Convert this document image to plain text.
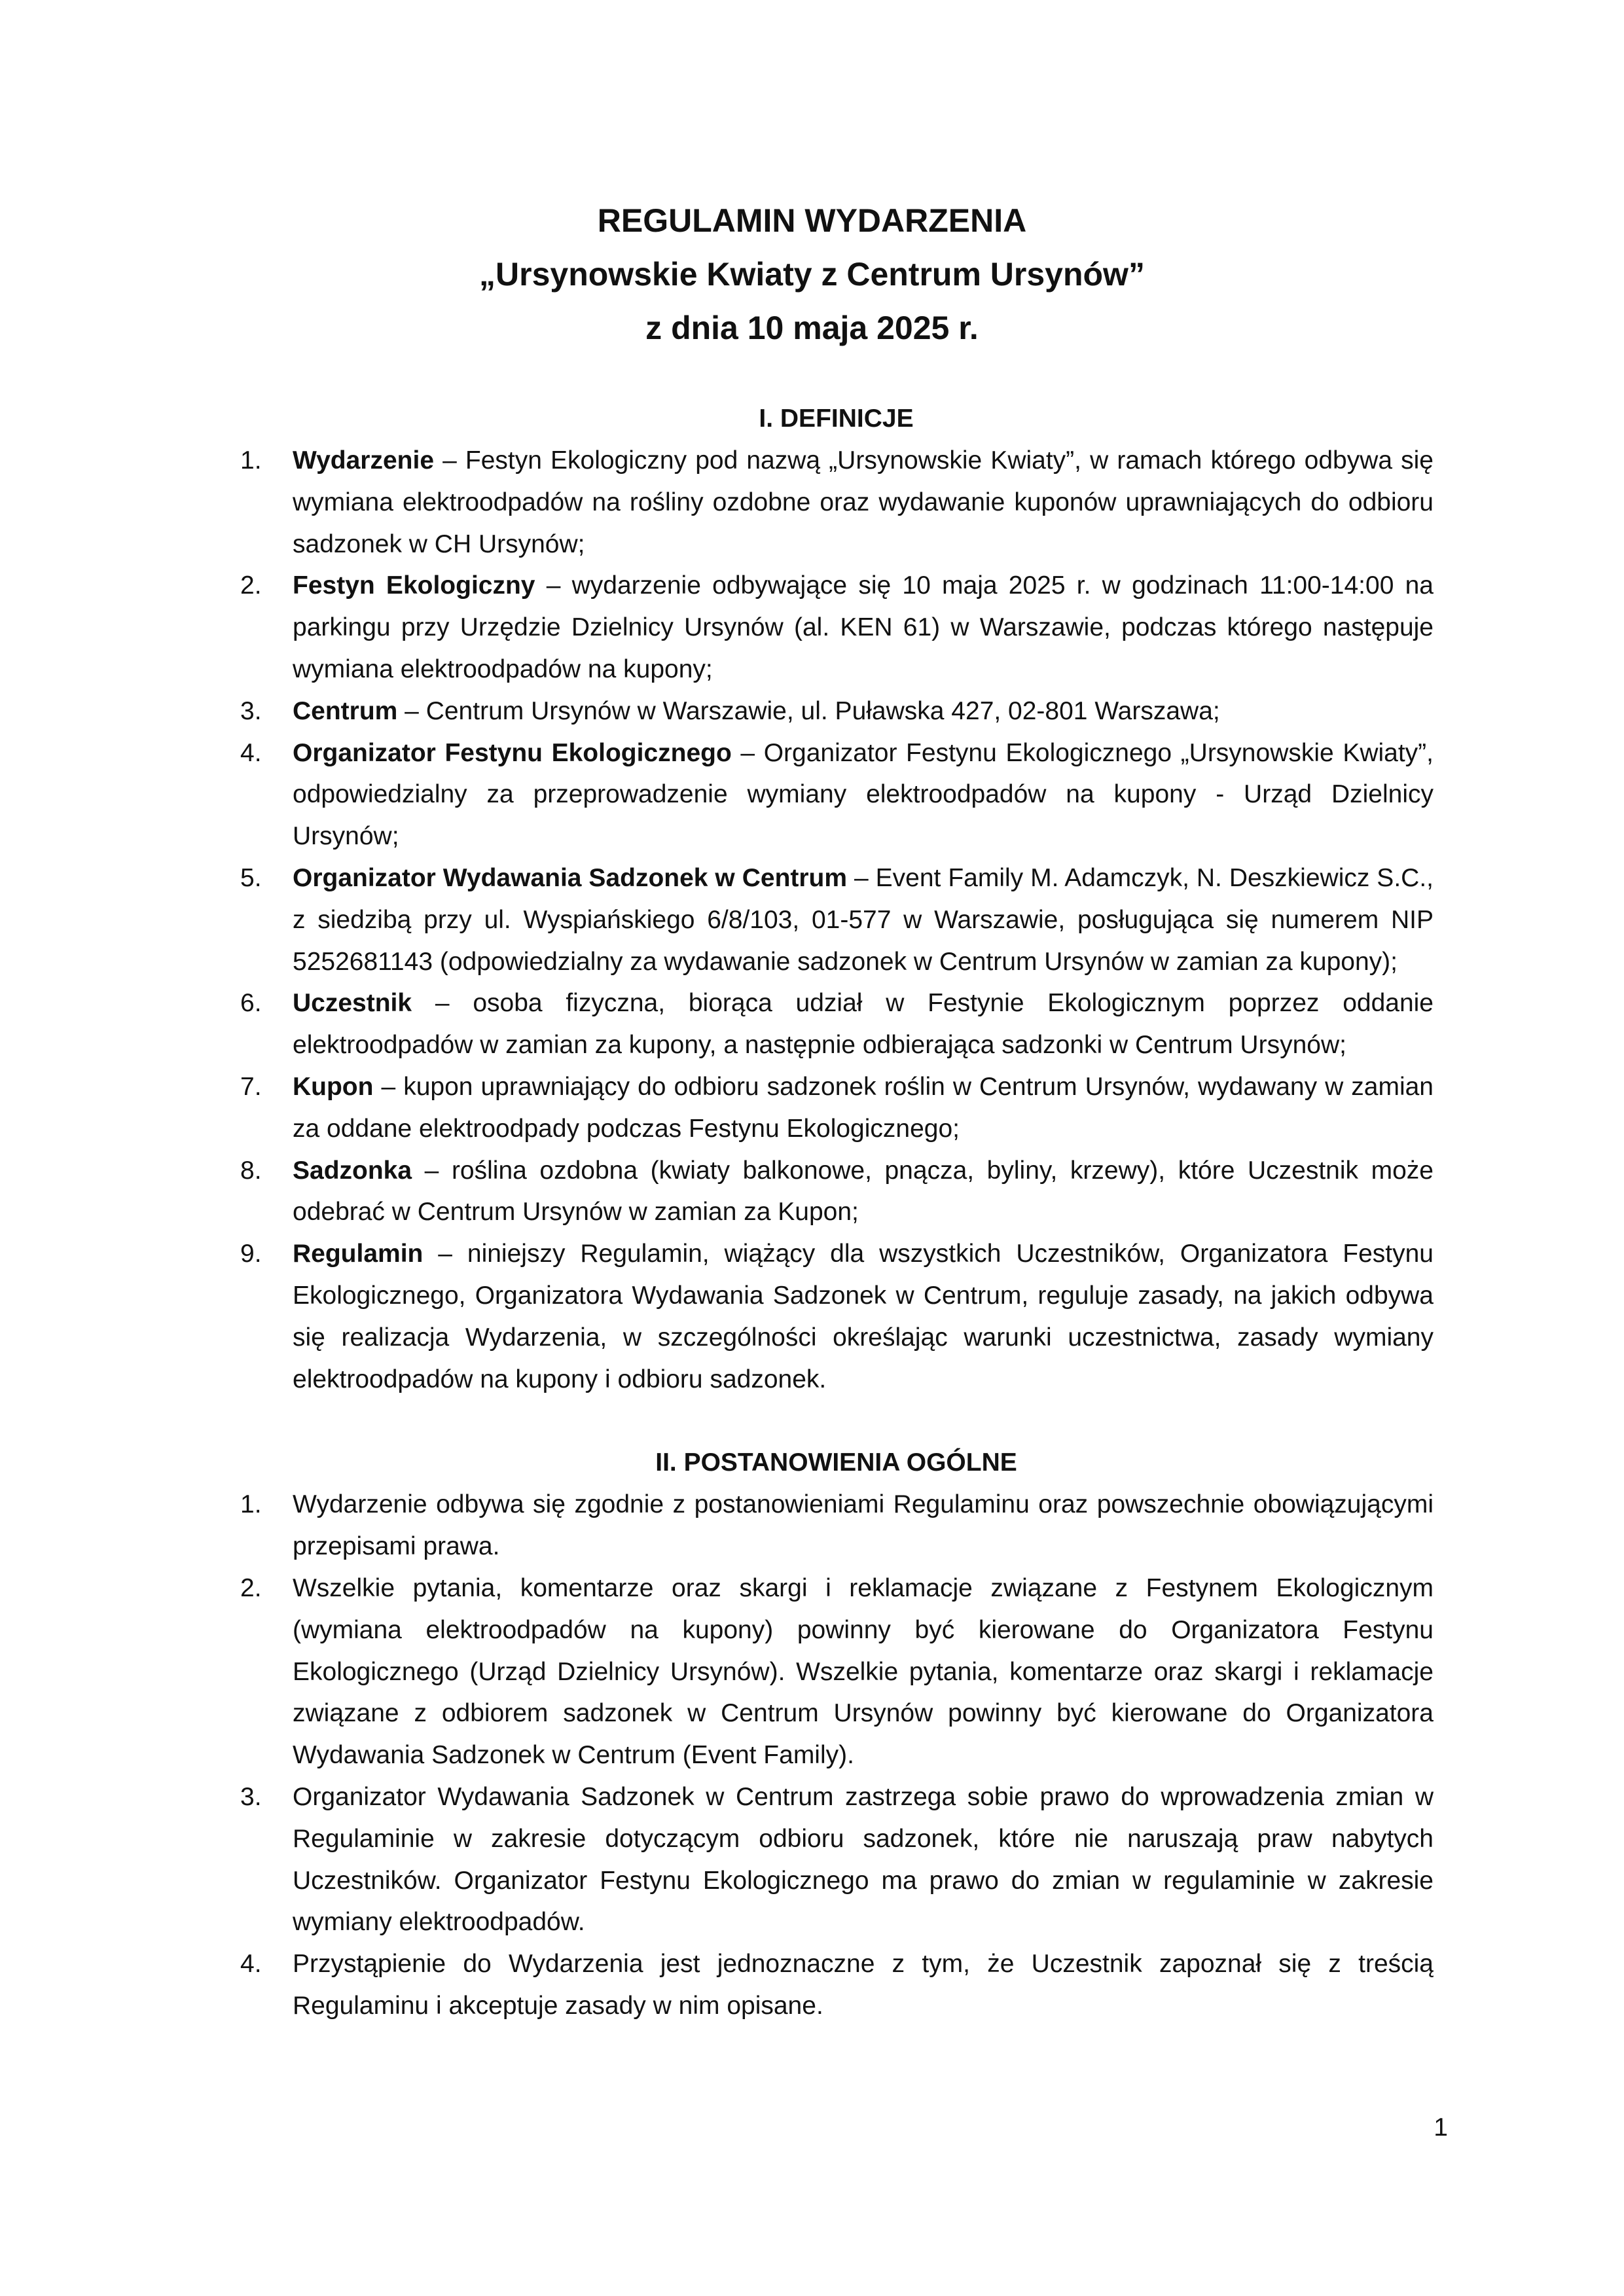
REGULAMIN WYDARZENIA
„Ursynowskie Kwiaty z Centrum Ursynów”
z dnia 10 maja 2025 r.
I. DEFINICJE
1. Wydarzenie – Festyn Ekologiczny pod nazwą „Ursynowskie Kwiaty”, w ramach którego odbywa się wymiana elektroodpadów na rośliny ozdobne oraz wydawanie kuponów uprawniających do odbioru sadzonek w CH Ursynów;
2. Festyn Ekologiczny – wydarzenie odbywające się 10 maja 2025 r. w godzinach 11:00-14:00 na parkingu przy Urzędzie Dzielnicy Ursynów (al. KEN 61) w Warszawie, podczas którego następuje wymiana elektroodpadów na kupony;
3. Centrum – Centrum Ursynów w Warszawie, ul. Puławska 427, 02-801 Warszawa;
4. Organizator Festynu Ekologicznego – Organizator Festynu Ekologicznego „Ursynowskie Kwiaty”, odpowiedzialny za przeprowadzenie wymiany elektroodpadów na kupony - Urząd Dzielnicy Ursynów;
5. Organizator Wydawania Sadzonek w Centrum – Event Family M. Adamczyk, N. Deszkiewicz S.C., z siedzibą przy ul. Wyspiańskiego 6/8/103, 01-577 w Warszawie, posługująca się numerem NIP 5252681143 (odpowiedzialny za wydawanie sadzonek w Centrum Ursynów w zamian za kupony);
6. Uczestnik – osoba fizyczna, biorąca udział w Festynie Ekologicznym poprzez oddanie elektroodpadów w zamian za kupony, a następnie odbierająca sadzonki w Centrum Ursynów;
7. Kupon – kupon uprawniający do odbioru sadzonek roślin w Centrum Ursynów, wydawany w zamian za oddane elektroodpady podczas Festynu Ekologicznego;
8. Sadzonka – roślina ozdobna (kwiaty balkonowe, pnącza, byliny, krzewy), które Uczestnik może odebrać w Centrum Ursynów w zamian za Kupon;
9. Regulamin – niniejszy Regulamin, wiążący dla wszystkich Uczestników, Organizatora Festynu Ekologicznego, Organizatora Wydawania Sadzonek w Centrum, reguluje zasady, na jakich odbywa się realizacja Wydarzenia, w szczególności określając warunki uczestnictwa, zasady wymiany elektroodpadów na kupony i odbioru sadzonek.
II. POSTANOWIENIA OGÓLNE
1. Wydarzenie odbywa się zgodnie z postanowieniami Regulaminu oraz powszechnie obowiązującymi przepisami prawa.
2. Wszelkie pytania, komentarze oraz skargi i reklamacje związane z Festynem Ekologicznym (wymiana elektroodpadów na kupony) powinny być kierowane do Organizatora Festynu Ekologicznego (Urząd Dzielnicy Ursynów). Wszelkie pytania, komentarze oraz skargi i reklamacje związane z odbiorem sadzonek w Centrum Ursynów powinny być kierowane do Organizatora Wydawania Sadzonek w Centrum (Event Family).
3. Organizator Wydawania Sadzonek w Centrum zastrzega sobie prawo do wprowadzenia zmian w Regulaminie w zakresie dotyczącym odbioru sadzonek, które nie naruszają praw nabytych Uczestników. Organizator Festynu Ekologicznego ma prawo do zmian w regulaminie w zakresie wymiany elektroodpadów.
4. Przystąpienie do Wydarzenia jest jednoznaczne z tym, że Uczestnik zapoznał się z treścią Regulaminu i akceptuje zasady w nim opisane.
1
